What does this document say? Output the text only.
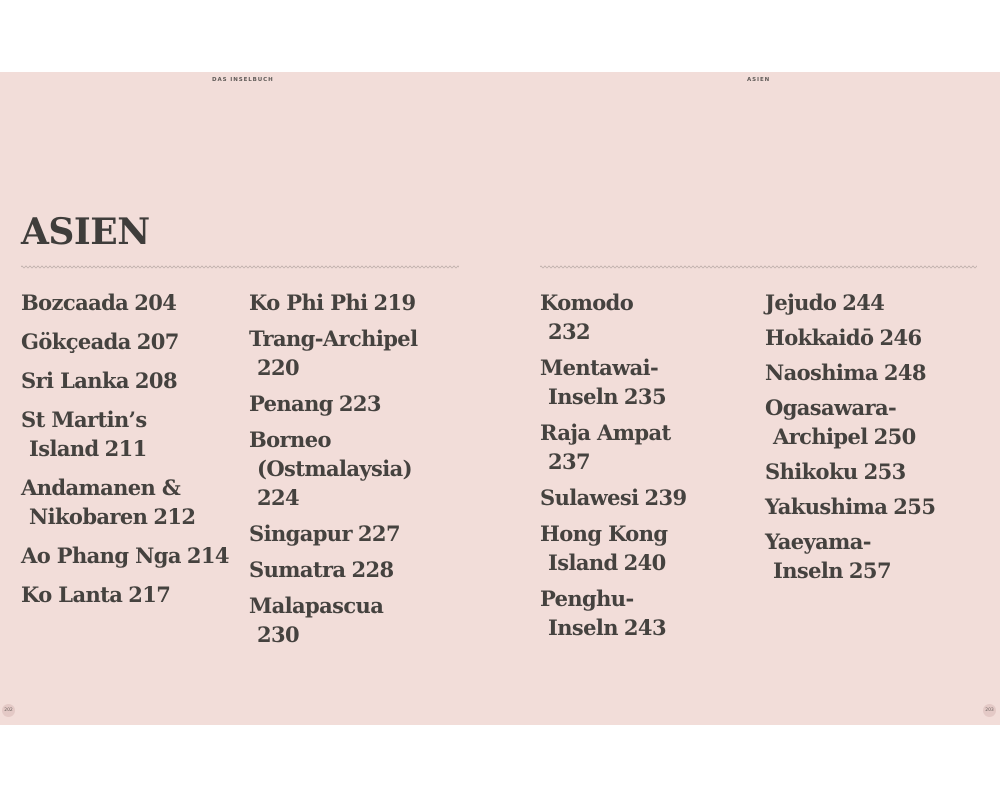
DAS INSELBUCH	ASIEN
ASIEN
Bozcaada 204
Gökçeada 207
Sri Lanka 208
St Martin’s Island 211
Andamanen & Nikobaren 212
Ao Phang Nga 214
Ko Lanta 217
Ko Phi Phi 219
Trang-Archipel
220
Penang 223
Borneo (Ostmalaysia)
224
Singapur 227
Sumatra 228
Malapascua
230
Komodo
232
Mentawai-Inseln 235
Raja Ampat
237
Sulawesi 239
Hong Kong Island 240
Penghu-Inseln 243
Jejudo 244
Hokkaidō 246
Naoshima 248
Ogasawara-Archipel 250
Shikoku 253
Yakushima 255
Yaeyama-Inseln 257
202	203
